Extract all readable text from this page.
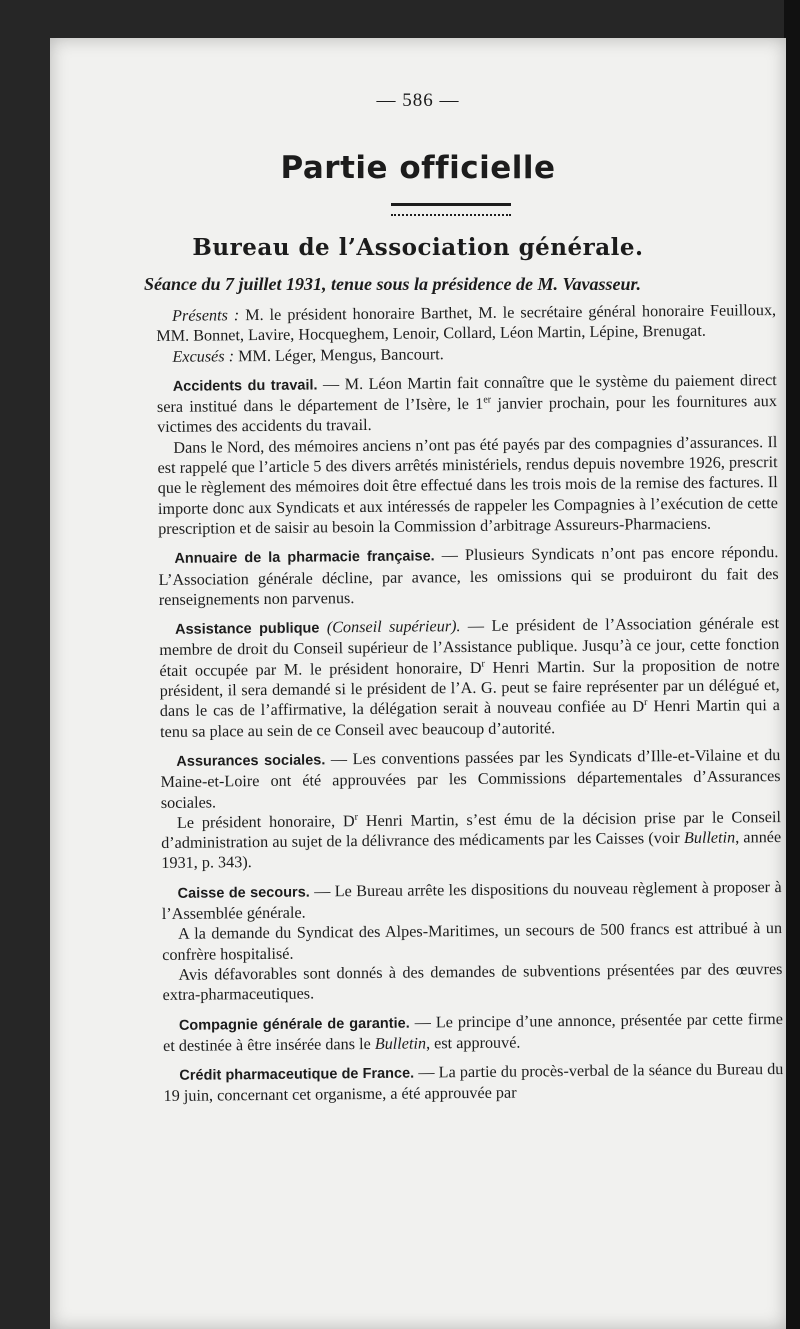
— 586 —
Partie officielle
Bureau de l’Association générale.
Séance du 7 juillet 1931, tenue sous la présidence de M. Vavasseur.

Présents : M. le président honoraire Barthet, M. le secrétaire général honoraire Feuilloux, MM. Bonnet, Lavire, Hocqueghem, Lenoir, Collard, Léon Martin, Lépine, Brenugat.

Excusés : MM. Léger, Mengus, Bancourt.

Accidents du travail. — M. Léon Martin fait connaître que le système du paiement direct sera institué dans le département de l’Isère, le 1er janvier prochain, pour les fournitures aux victimes des accidents du travail.

Dans le Nord, des mémoires anciens n’ont pas été payés par des compagnies d’assurances. Il est rappelé que l’article 5 des divers arrêtés ministériels, rendus depuis novembre 1926, prescrit que le règlement des mémoires doit être effectué dans les trois mois de la remise des factures. Il importe donc aux Syndicats et aux intéressés de rappeler les Compagnies à l’exécution de cette prescription et de saisir au besoin la Commission d’arbitrage Assureurs-Pharmaciens.

Annuaire de la pharmacie française. — Plusieurs Syndicats n’ont pas encore répondu. L’Association générale décline, par avance, les omissions qui se produiront du fait des renseignements non parvenus.

Assistance publique (Conseil supérieur). — Le président de l’Association générale est membre de droit du Conseil supérieur de l’Assistance publique. Jusqu’à ce jour, cette fonction était occupée par M. le président honoraire, $D^r$ Henri Martin. Sur la proposition de notre président, il sera demandé si le président de l’A. G. peut se faire représenter par un délégué et, dans le cas de l’affirmative, la délégation serait à nouveau confiée au $D^r$ Henri Martin qui a tenu sa place au sein de ce Conseil avec beaucoup d’autorité.

Assurances sociales. — Les conventions passées par les Syndicats d’Ille-et-Vilaine et du Maine-et-Loire ont été approuvées par les Commissions départementales d’Assurances sociales.

Le président honoraire, $D^r$ Henri Martin, s’est ému de la décision prise par le Conseil d’administration au sujet de la délivrance des médicaments par les Caisses (voir Bulletin, année 1931, p. 343).

Caisse de secours. — Le Bureau arrête les dispositions du nouveau règlement à proposer à l’Assemblée générale.

A la demande du Syndicat des Alpes-Maritimes, un secours de 500 francs est attribué à un confrère hospitalisé.

Avis défavorables sont donnés à des demandes de subventions présentées par des œuvres extra-pharmaceutiques.

Compagnie générale de garantie. — Le principe d’une annonce, présentée par cette firme et destinée à être insérée dans le Bulletin, est approuvé.

Crédit pharmaceutique de France. — La partie du procès-verbal de la séance du Bureau du 19 juin, concernant cet organisme, a été approuvée par
